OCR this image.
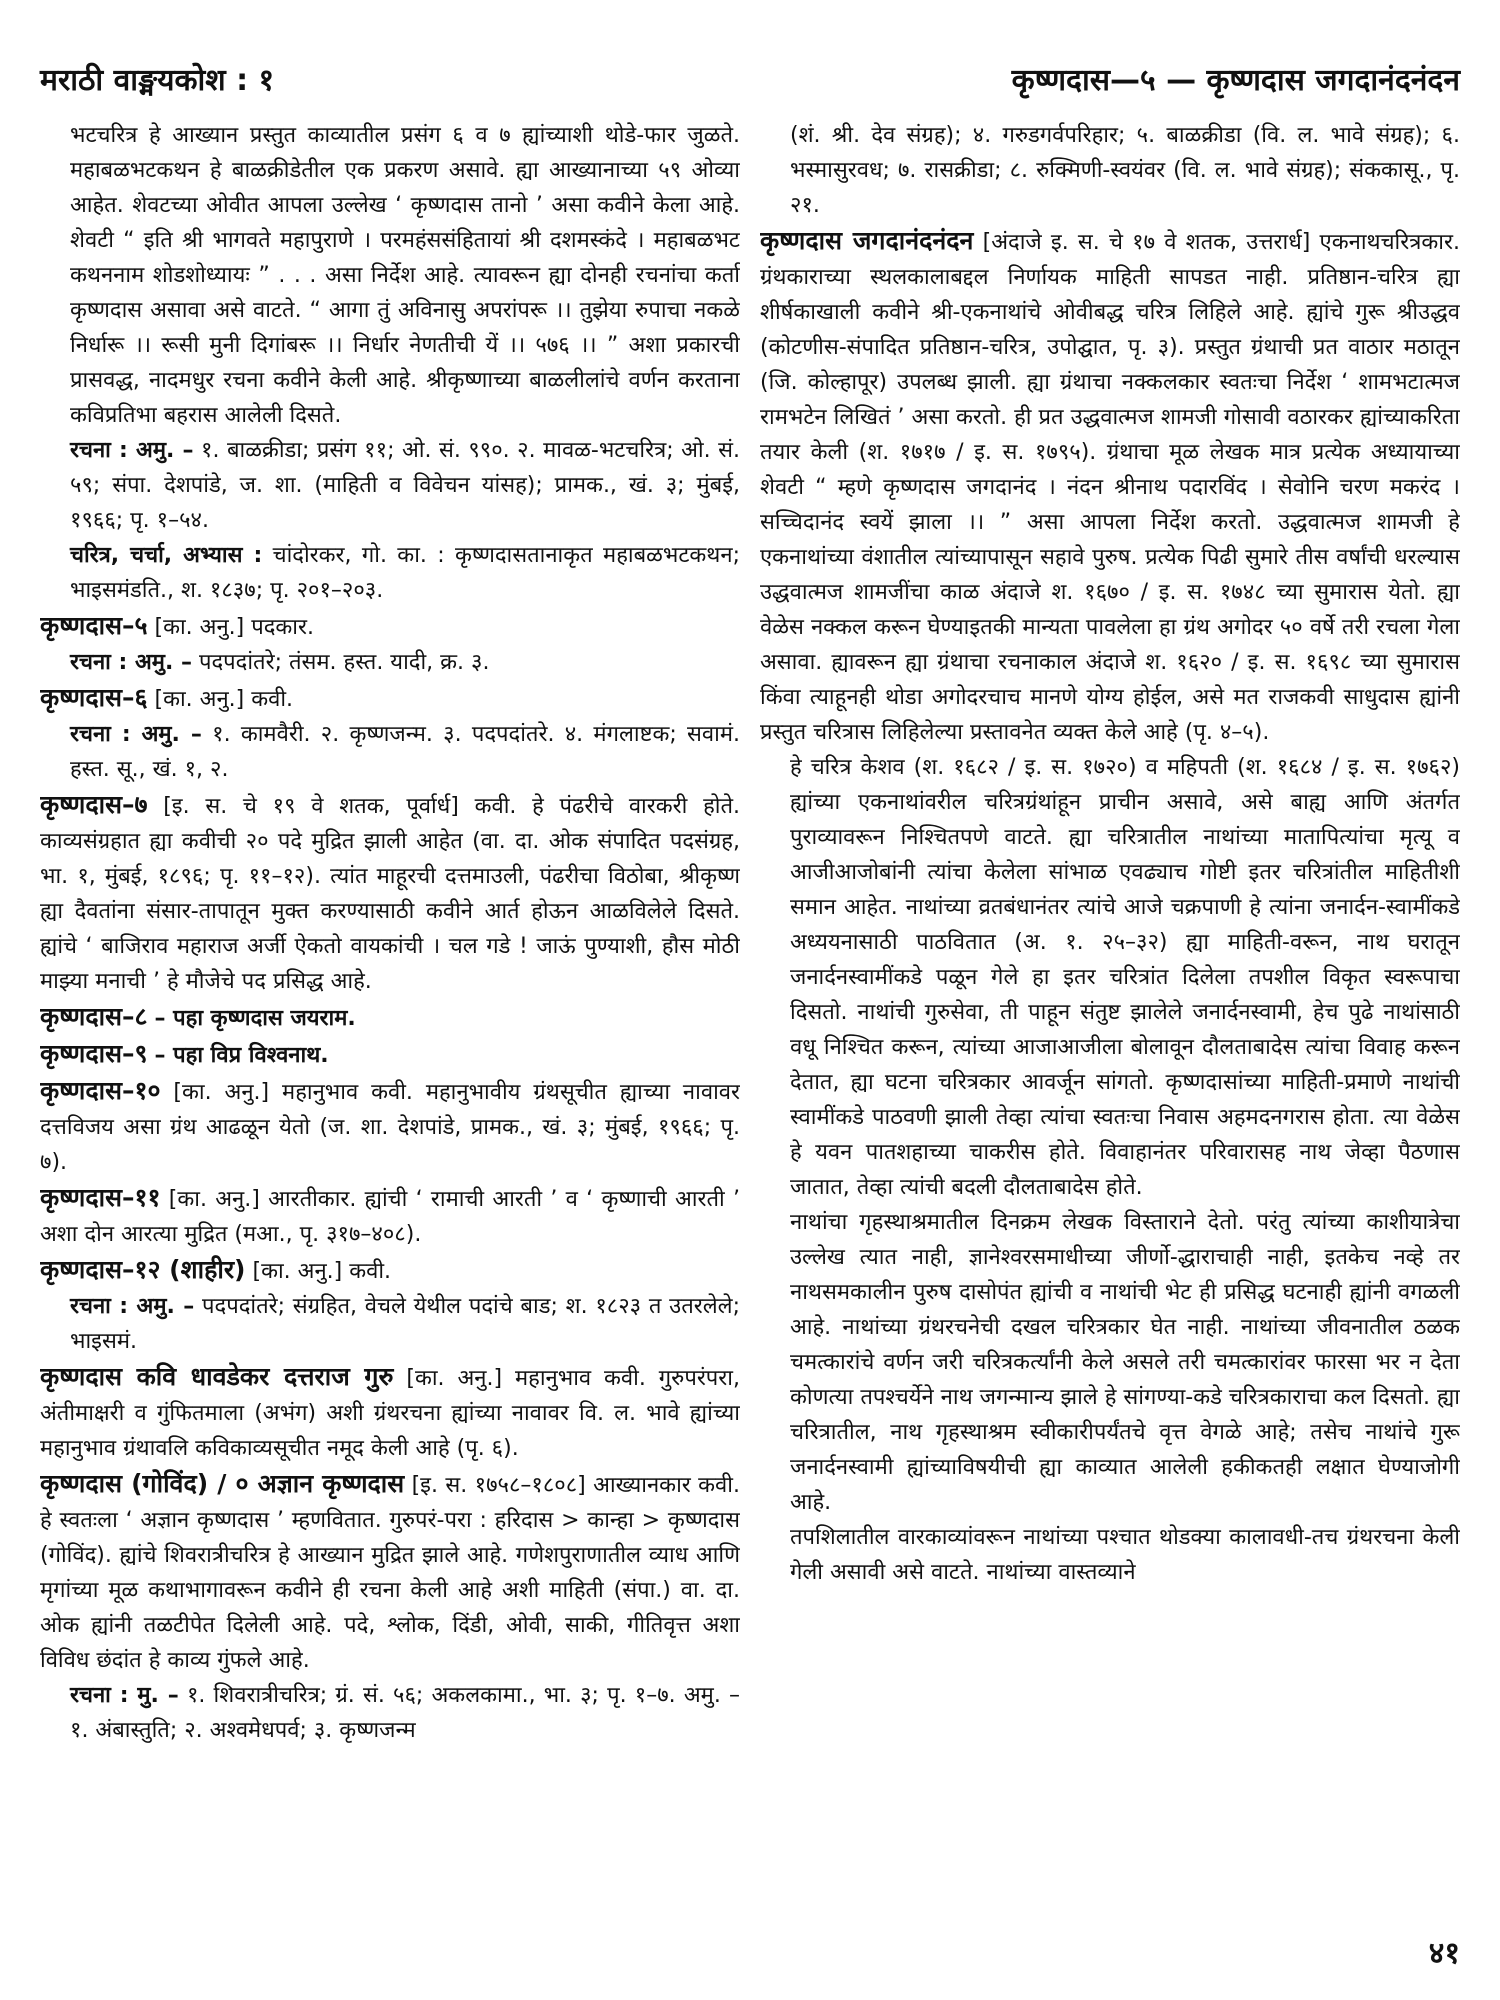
मराठी वाङ्मयकोश : १	कृष्णदास—५ — कृष्णदास जगदानंदनंदन

भटचरित्र हे आख्यान प्रस्तुत काव्यातील प्रसंग ६ व ७ ह्यांच्याशी थोडे-फार जुळते. महाबळभटकथन हे बाळक्रीडेतील एक प्रकरण असावे. ह्या आख्यानाच्या ५९ ओव्या आहेत. शेवटच्या ओवीत आपला उल्लेख ‘ कृष्णदास तानो ’ असा कवीने केला आहे. शेवटी “ इति श्री भागवते महापुराणे । परमहंससंहितायां श्री दशमस्कंदे । महाबळभट कथननाम शोडशोध्यायः ” . . . असा निर्देश आहे. त्यावरून ह्या दोनही रचनांचा कर्ता कृष्णदास असावा असे वाटते. “ आगा तुं अविनासु अपरांपरू ।। तुझेया रुपाचा नकळे निर्धारू ।। रूसी मुनी दिगांबरू ।। निर्धार नेणतीची यें ।। ५७६ ।। ” अशा प्रकारची प्रासवद्ध, नादमधुर रचना कवीने केली आहे. श्रीकृष्णाच्या बाळलीलांचे वर्णन करताना कविप्रतिभा बहरास आलेली दिसते.

रचना : अमु. – १. बाळक्रीडा; प्रसंग ११; ओ. सं. ९९०. २. मावळ-भटचरित्र; ओ. सं. ५९; संपा. देशपांडे, ज. शा. (माहिती व विवेचन यांसह); प्रामक., खं. ३; मुंबई, १९६६; पृ. १–५४.

चरित्र, चर्चा, अभ्यास : चांदोरकर, गो. का. : कृष्णदासतानाकृत महाबळभटकथन; भाइसमंडति., श. १८३७; पृ. २०१–२०३.

कृष्णदास–५ [का. अनु.] पदकार.

रचना : अमु. – पदपदांतरे; तंसम. हस्त. यादी, क्र. ३.

कृष्णदास–६ [का. अनु.] कवी.

रचना : अमु. – १. कामवैरी. २. कृष्णजन्म. ३. पदपदांतरे. ४. मंगलाष्टक; सवामं. हस्त. सू., खं. १, २.

कृष्णदास–७ [इ. स. चे १९ वे शतक, पूर्वार्ध] कवी. हे पंढरीचे वारकरी होते. काव्यसंग्रहात ह्या कवीची २० पदे मुद्रित झाली आहेत (वा. दा. ओक संपादित पदसंग्रह, भा. १, मुंबई, १८९६; पृ. ११–१२). त्यांत माहूरची दत्तमाउली, पंढरीचा विठोबा, श्रीकृष्ण ह्या दैवतांना संसार-तापातून मुक्त करण्यासाठी कवीने आर्त होऊन आळविलेले दिसते. ह्यांचे ‘ बाजिराव महाराज अर्जी ऐकतो वायकांची । चल गडे ! जाऊं पुण्याशी, हौस मोठी माझ्या मनाची ’ हे मौजेचे पद प्रसिद्ध आहे.

कृष्णदास–८ – पहा कृष्णदास जयराम.

कृष्णदास–९ – पहा विप्र विश्वनाथ.

कृष्णदास–१० [का. अनु.] महानुभाव कवी. महानुभावीय ग्रंथसूचीत ह्याच्या नावावर दत्तविजय असा ग्रंथ आढळून येतो (ज. शा. देशपांडे, प्रामक., खं. ३; मुंबई, १९६६; पृ. ७).

कृष्णदास–११ [का. अनु.] आरतीकार. ह्यांची ‘ रामाची आरती ’ व ‘ कृष्णाची आरती ’ अशा दोन आरत्या मुद्रित (मआ., पृ. ३१७–४०८).

कृष्णदास–१२ (शाहीर) [का. अनु.] कवी.

रचना : अमु. – पदपदांतरे; संग्रहित, वेचले येथील पदांचे बाड; श. १८२३ त उतरलेले; भाइसमं.

कृष्णदास कवि धावडेकर दत्तराज गुरु [का. अनु.] महानुभाव कवी. गुरुपरंपरा, अंतीमाक्षरी व गुंफितमाला (अभंग) अशी ग्रंथरचना ह्यांच्या नावावर वि. ल. भावे ह्यांच्या महानुभाव ग्रंथावलि कविकाव्यसूचीत नमूद केली आहे (पृ. ६).

कृष्णदास (गोविंद) / ० अज्ञान कृष्णदास [इ. स. १७५८–१८०८] आख्यानकार कवी. हे स्वतःला ‘ अज्ञान कृष्णदास ’ म्हणवितात. गुरुपरं-परा : हरिदास > कान्हा > कृष्णदास (गोविंद). ह्यांचे शिवरात्रीचरित्र हे आख्यान मुद्रित झाले आहे. गणेशपुराणातील व्याध आणि मृगांच्या मूळ कथाभागावरून कवीने ही रचना केली आहे अशी माहिती (संपा.) वा. दा. ओक ह्यांनी तळटीपेत दिलेली आहे. पदे, श्लोक, दिंडी, ओवी, साकी, गीतिवृत्त अशा विविध छंदांत हे काव्य गुंफले आहे.

रचना : मु. – १. शिवरात्रीचरित्र; ग्रं. सं. ५६; अकलकामा., भा. ३; पृ. १–७. अमु. – १. अंबास्तुति; २. अश्वमेधपर्व; ३. कृष्णजन्म

(शं. श्री. देव संग्रह); ४. गरुडगर्वपरिहार; ५. बाळक्रीडा (वि. ल. भावे संग्रह); ६. भस्मासुरवध; ७. रासक्रीडा; ८. रुक्मिणी-स्वयंवर (वि. ल. भावे संग्रह); संककासू., पृ. २१.

कृष्णदास जगदानंदनंदन [अंदाजे इ. स. चे १७ वे शतक, उत्तरार्ध] एकनाथचरित्रकार. ग्रंथकाराच्या स्थलकालाबद्दल निर्णायक माहिती सापडत नाही. प्रतिष्ठान-चरित्र ह्या शीर्षकाखाली कवीने श्री-एकनाथांचे ओवीबद्ध चरित्र लिहिले आहे. ह्यांचे गुरू श्रीउद्धव (कोटणीस-संपादित प्रतिष्ठान-चरित्र, उपोद्घात, पृ. ३). प्रस्तुत ग्रंथाची प्रत वाठार मठातून (जि. कोल्हापूर) उपलब्ध झाली. ह्या ग्रंथाचा नक्कलकार स्वतःचा निर्देश ‘ शामभटात्मज रामभटेन लिखितं ’ असा करतो. ही प्रत उद्धवात्मज शामजी गोसावी वठारकर ह्यांच्याकरिता तयार केली (श. १७१७ / इ. स. १७९५). ग्रंथाचा मूळ लेखक मात्र प्रत्येक अध्यायाच्या शेवटी “ म्हणे कृष्णदास जगदानंद । नंदन श्रीनाथ पदारविंद । सेवोनि चरण मकरंद । सच्चिदानंद स्वयें झाला ।। ” असा आपला निर्देश करतो. उद्धवात्मज शामजी हे एकनाथांच्या वंशातील त्यांच्यापासून सहावे पुरुष. प्रत्येक पिढी सुमारे तीस वर्षांची धरल्यास उद्धवात्मज शामजींचा काळ अंदाजे श. १६७० / इ. स. १७४८ च्या सुमारास येतो. ह्या वेळेस नक्कल करून घेण्याइतकी मान्यता पावलेला हा ग्रंथ अगोदर ५० वर्षे तरी रचला गेला असावा. ह्यावरून ह्या ग्रंथाचा रचनाकाल अंदाजे श. १६२० / इ. स. १६९८ च्या सुमारास किंवा त्याहूनही थोडा अगोदरचाच मानणे योग्य होईल, असे मत राजकवी साधुदास ह्यांनी प्रस्तुत चरित्रास लिहिलेल्या प्रस्तावनेत व्यक्त केले आहे (पृ. ४–५).

हे चरित्र केशव (श. १६८२ / इ. स. १७२०) व महिपती (श. १६८४ / इ. स. १७६२) ह्यांच्या एकनाथांवरील चरित्रग्रंथांहून प्राचीन असावे, असे बाह्य आणि अंतर्गत पुराव्यावरून निश्चितपणे वाटते. ह्या चरित्रातील नाथांच्या मातापित्यांचा मृत्यू व आजीआजोबांनी त्यांचा केलेला सांभाळ एवढ्याच गोष्टी इतर चरित्रांतील माहितीशी समान आहेत. नाथांच्या व्रतबंधानंतर त्यांचे आजे चक्रपाणी हे त्यांना जनार्दन-स्वामींकडे अध्ययनासाठी पाठवितात (अ. १. २५–३२) ह्या माहिती-वरून, नाथ घरातून जनार्दनस्वामींकडे पळून गेले हा इतर चरित्रांत दिलेला तपशील विकृत स्वरूपाचा दिसतो. नाथांची गुरुसेवा, ती पाहून संतुष्ट झालेले जनार्दनस्वामी, हेच पुढे नाथांसाठी वधू निश्चित करून, त्यांच्या आजाआजीला बोलावून दौलताबादेस त्यांचा विवाह करून देतात, ह्या घटना चरित्रकार आवर्जून सांगतो. कृष्णदासांच्या माहिती-प्रमाणे नाथांची स्वामींकडे पाठवणी झाली तेव्हा त्यांचा स्वतःचा निवास अहमदनगरास होता. त्या वेळेस हे यवन पातशहाच्या चाकरीस होते. विवाहानंतर परिवारासह नाथ जेव्हा पैठणास जातात, तेव्हा त्यांची बदली दौलताबादेस होते.

नाथांचा गृहस्थाश्रमातील दिनक्रम लेखक विस्ताराने देतो. परंतु त्यांच्या काशीयात्रेचा उल्लेख त्यात नाही, ज्ञानेश्वरसमाधीच्या जीर्णो-द्धाराचाही नाही, इतकेच नव्हे तर नाथसमकालीन पुरुष दासोपंत ह्यांची व नाथांची भेट ही प्रसिद्ध घटनाही ह्यांनी वगळली आहे. नाथांच्या ग्रंथरचनेची दखल चरित्रकार घेत नाही. नाथांच्या जीवनातील ठळक चमत्कारांचे वर्णन जरी चरित्रकर्त्यांनी केले असले तरी चमत्कारांवर फारसा भर न देता कोणत्या तपश्चर्येने नाथ जगन्मान्य झाले हे सांगण्या-कडे चरित्रकाराचा कल दिसतो. ह्या चरित्रातील, नाथ गृहस्थाश्रम स्वीकारीपर्यंतचे वृत्त वेगळे आहे; तसेच नाथांचे गुरू जनार्दनस्वामी ह्यांच्याविषयीची ह्या काव्यात आलेली हकीकतही लक्षात घेण्याजोगी आहे.

तपशिलातील वारकाव्यांवरून नाथांच्या पश्चात थोडक्या कालावधी-तच ग्रंथरचना केली गेली असावी असे वाटते. नाथांच्या वास्तव्याने

४१
